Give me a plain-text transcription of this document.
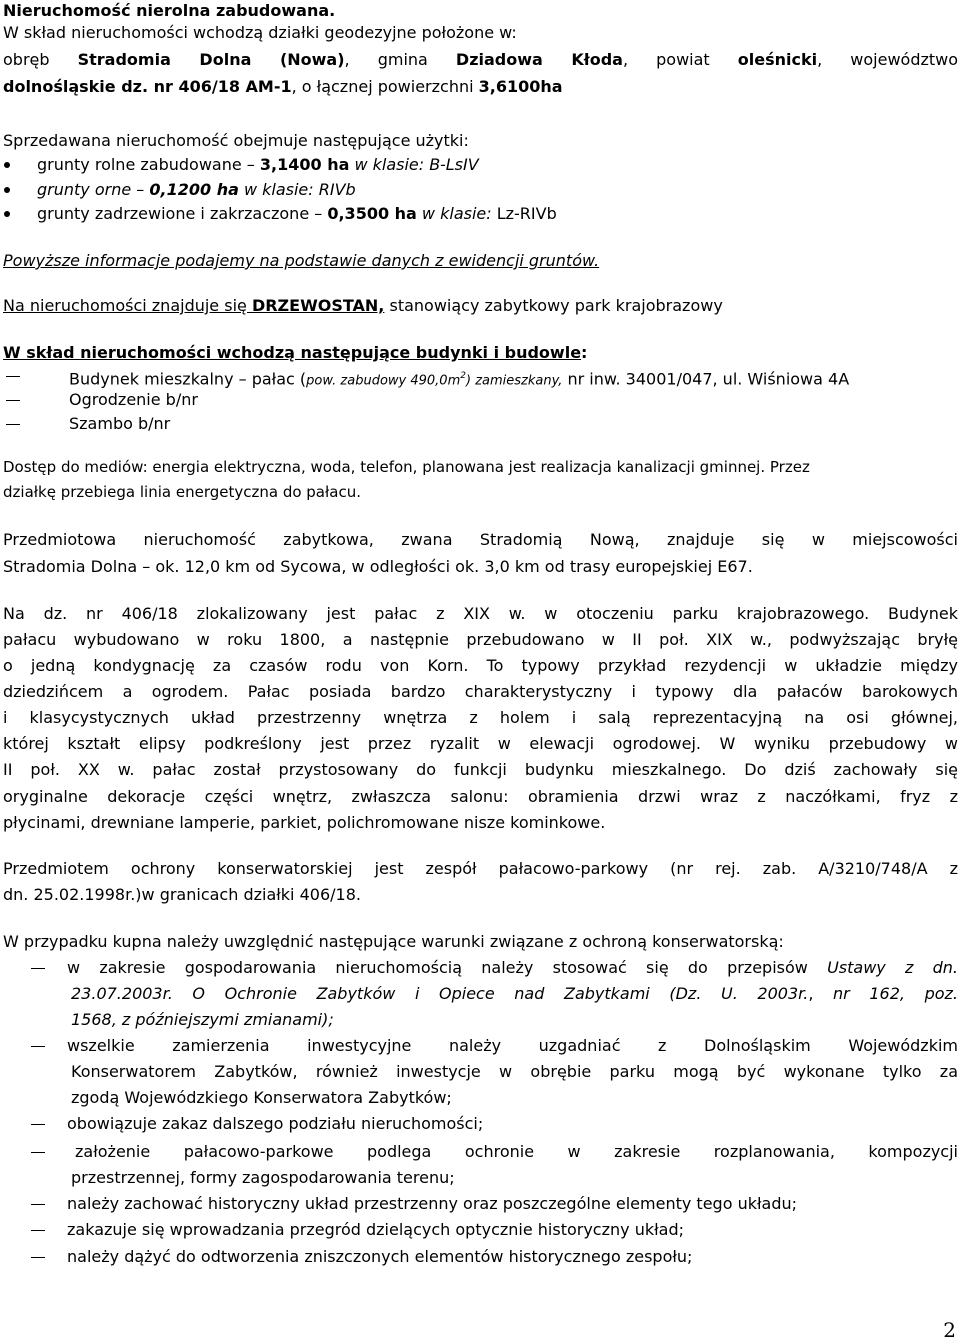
Nieruchomość nierolna zabudowana.
W skład nieruchomości wchodzą działki geodezyjne położone w:
obręb Stradomia Dolna (Nowa), gmina Dziadowa Kłoda, powiat oleśnicki, województwo
dolnośląskie dz. nr 406/18 AM-1, o łącznej powierzchni 3,6100ha
Sprzedawana nieruchomość obejmuje następujące użytki:
grunty rolne zabudowane – 3,1400 ha w klasie: B-LsIV
grunty orne – 0,1200 ha w klasie: RIVb
grunty zadrzewione i zakrzaczone – 0,3500 ha w klasie: Lz-RIVb
Powyższe informacje podajemy na podstawie danych z ewidencji gruntów.
Na nieruchomości znajduje się DRZEWOSTAN, stanowiący zabytkowy park krajobrazowy
W skład nieruchomości wchodzą następujące budynki i budowle:
Budynek mieszkalny – pałac (pow. zabudowy $490,0m^2$) zamieszkany, nr inw. 34001/047, ul. Wiśniowa 4A
Ogrodzenie b/nr
Szambo b/nr
Dostęp do mediów: energia elektryczna, woda, telefon, planowana jest realizacja kanalizacji gminnej. Przez
działkę przebiega linia energetyczna do pałacu.
Przedmiotowa nieruchomość zabytkowa, zwana Stradomią Nową, znajduje się w miejscowości
Stradomia Dolna – ok. 12,0 km od Sycowa, w odległości ok. 3,0 km od trasy europejskiej E67.
Na dz. nr 406/18 zlokalizowany jest pałac z XIX w. w otoczeniu parku krajobrazowego. Budynek
pałacu wybudowano w roku 1800, a następnie przebudowano w II poł. XIX w., podwyższając bryłę
o jedną kondygnację za czasów rodu von Korn. To typowy przykład rezydencji w układzie między
dziedzińcem a ogrodem. Pałac posiada bardzo charakterystyczny i typowy dla pałaców barokowych
i klasycystycznych układ przestrzenny wnętrza z holem i salą reprezentacyjną na osi głównej,
której kształt elipsy podkreślony jest przez ryzalit w elewacji ogrodowej. W wyniku przebudowy w
II poł. XX w. pałac został przystosowany do funkcji budynku mieszkalnego. Do dziś zachowały się
oryginalne dekoracje części wnętrz, zwłaszcza salonu: obramienia drzwi wraz z naczółkami, fryz z
płycinami, drewniane lamperie, parkiet, polichromowane nisze kominkowe.
Przedmiotem ochrony konserwatorskiej jest zespół pałacowo-parkowy (nr rej. zab. A/3210/748/A z
dn. 25.02.1998r.)w granicach działki 406/18.
W przypadku kupna należy uwzględnić następujące warunki związane z ochroną konserwatorską:
w zakresie gospodarowania nieruchomością należy stosować się do przepisów Ustawy z dn.
23.07.2003r. O Ochronie Zabytków i Opiece nad Zabytkami (Dz. U. 2003r., nr 162, poz.
1568, z późniejszymi zmianami);
wszelkie zamierzenia inwestycyjne należy uzgadniać z Dolnośląskim Wojewódzkim
Konserwatorem Zabytków, również inwestycje w obrębie parku mogą być wykonane tylko za
zgodą Wojewódzkiego Konserwatora Zabytków;
obowiązuje zakaz dalszego podziału nieruchomości;
założenie pałacowo-parkowe podlega ochronie w zakresie rozplanowania, kompozycji
przestrzennej, formy zagospodarowania terenu;
należy zachować historyczny układ przestrzenny oraz poszczególne elementy tego układu;
zakazuje się wprowadzania przegród dzielących optycznie historyczny układ;
należy dążyć do odtworzenia zniszczonych elementów historycznego zespołu;
2
